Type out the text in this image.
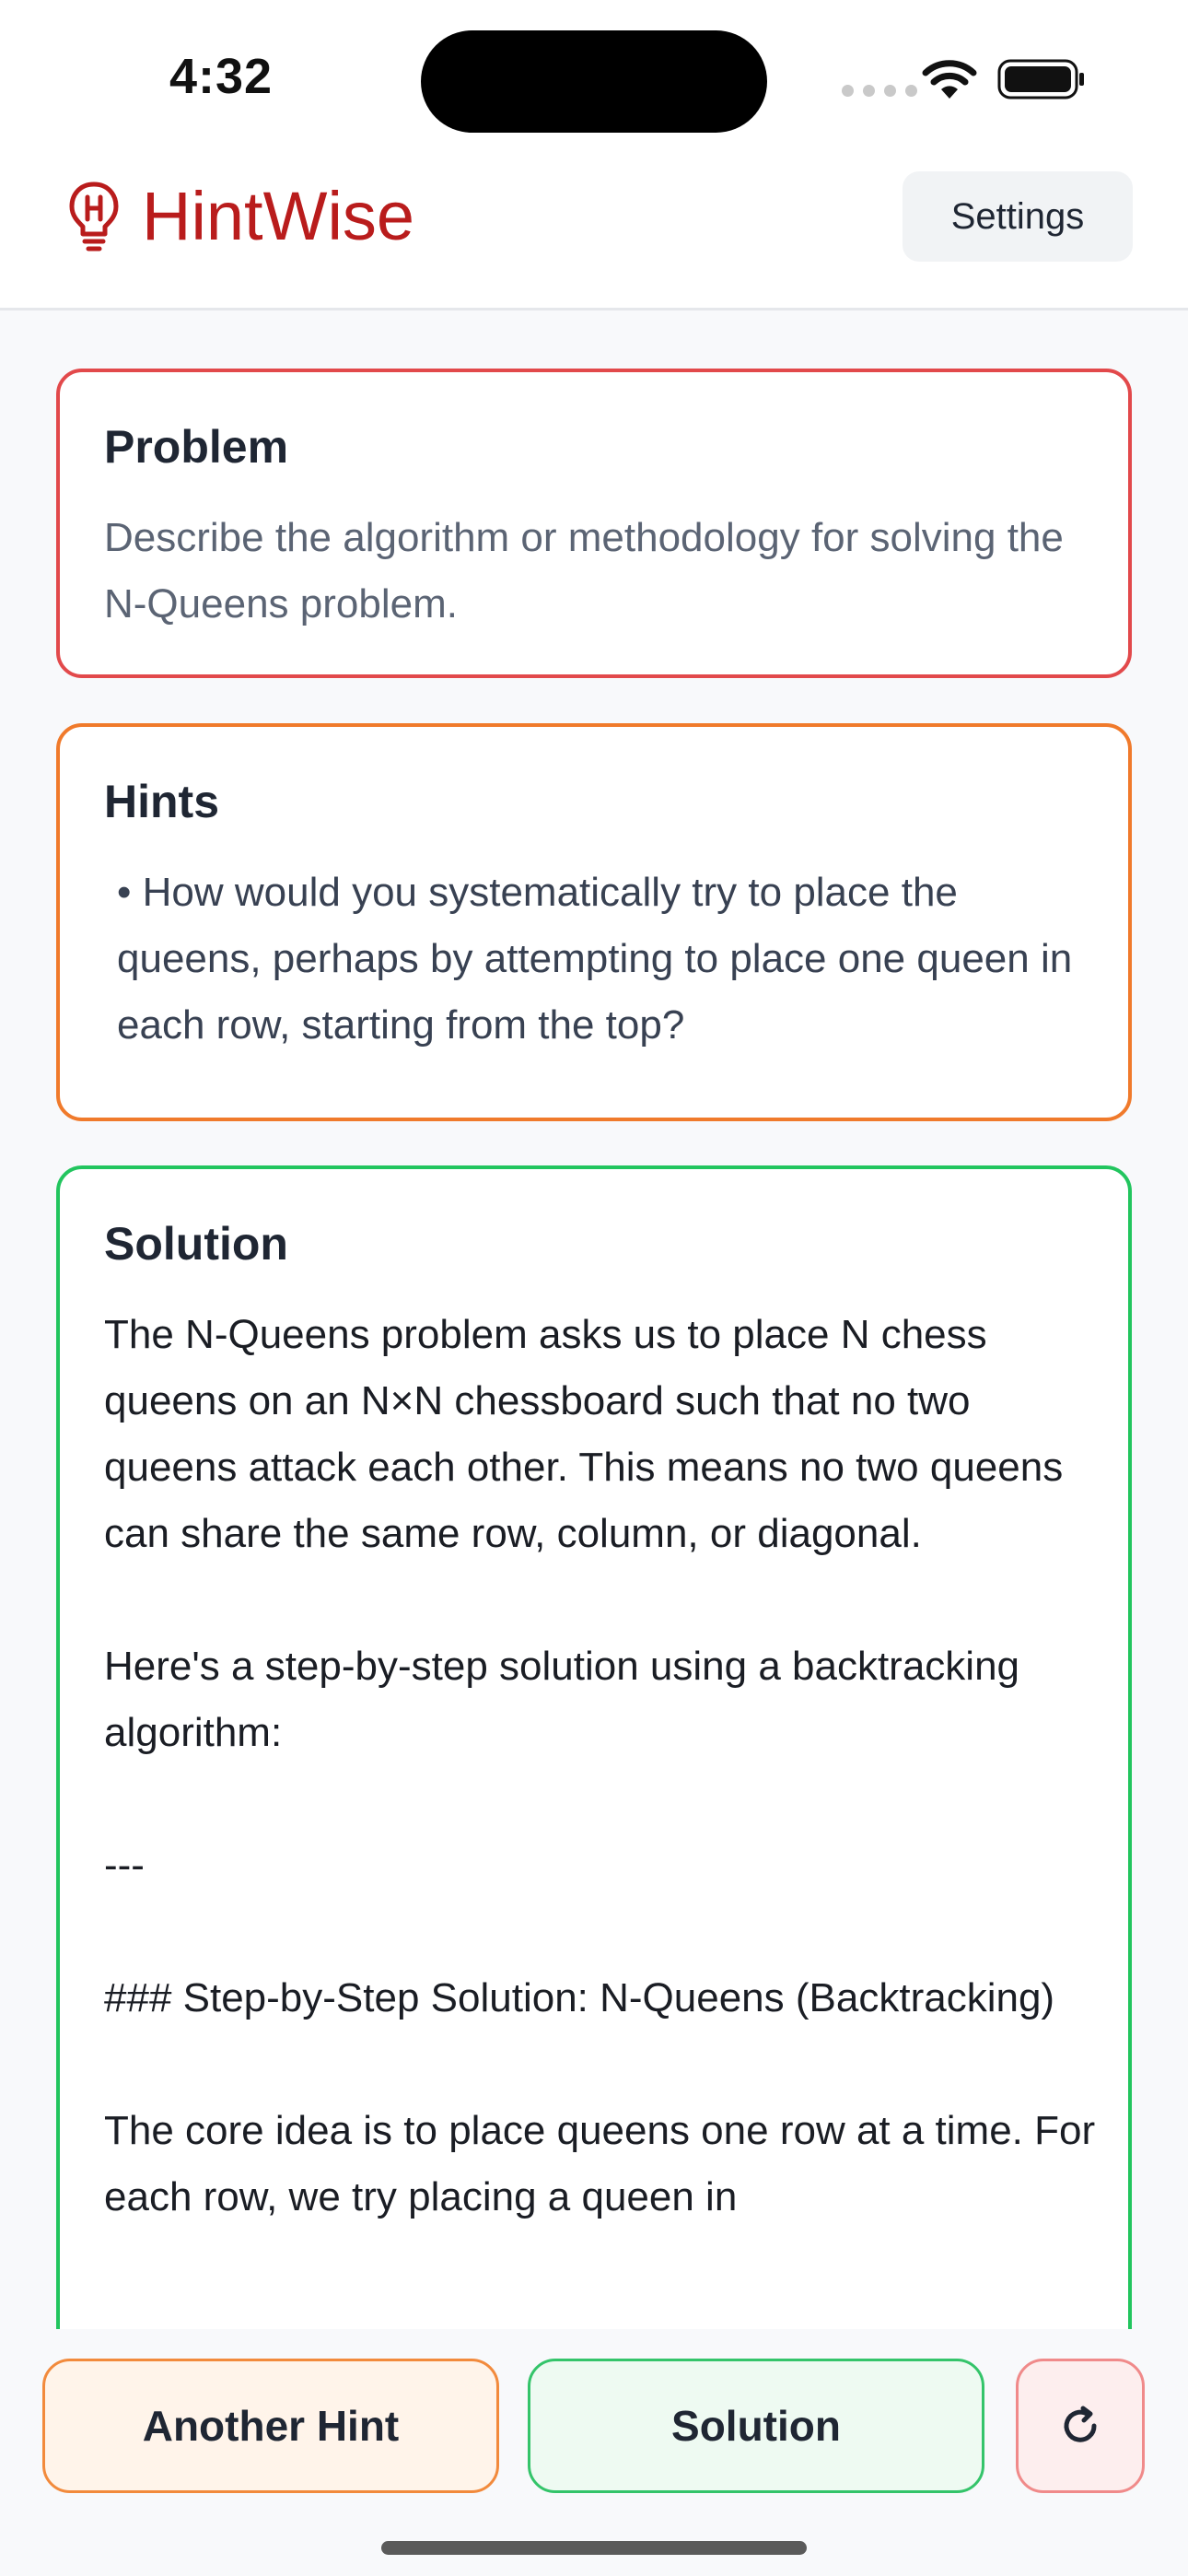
4:32
HintWise	Settings
Problem
Describe the algorithm or methodology for solving the N-Queens problem.
Hints
• How would you systematically try to place the queens, perhaps by attempting to place one queen in each row, starting from the top?
Solution
The N-Queens problem asks us to place N chess queens on an N×N chessboard such that no two queens attack each other. This means no two queens can share the same row, column, or diagonal.

Here's a step-by-step solution using a backtracking algorithm:

---

### Step-by-Step Solution: N-Queens (Backtracking)

The core idea is to place queens one row at a time. For each row, we try placing a queen in
Another Hint	Solution
